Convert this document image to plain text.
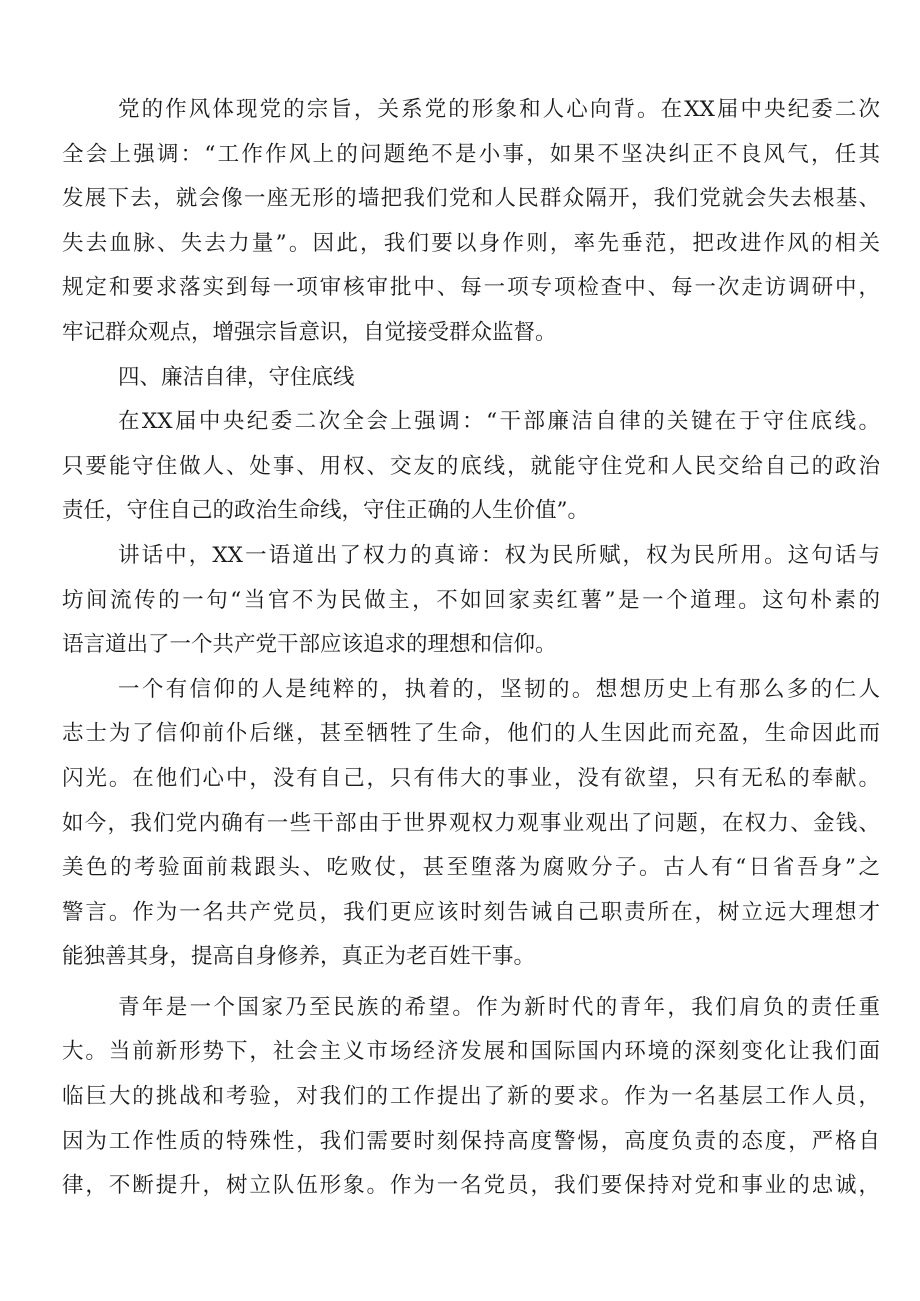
党的作风体现党的宗旨，关系党的形象和人心向背。在XX届中央纪委二次
全会上强调：“工作作风上的问题绝不是小事，如果不坚决纠正不良风气，任其
发展下去，就会像一座无形的墙把我们党和人民群众隔开，我们党就会失去根基、
失去血脉、失去力量”。因此，我们要以身作则，率先垂范，把改进作风的相关
规定和要求落实到每一项审核审批中、每一项专项检查中、每一次走访调研中，
牢记群众观点，增强宗旨意识，自觉接受群众监督。
四、廉洁自律，守住底线
在XX届中央纪委二次全会上强调：“干部廉洁自律的关键在于守住底线。
只要能守住做人、处事、用权、交友的底线，就能守住党和人民交给自己的政治
责任，守住自己的政治生命线，守住正确的人生价值”。
讲话中，XX一语道出了权力的真谛：权为民所赋，权为民所用。这句话与
坊间流传的一句“当官不为民做主，不如回家卖红薯”是一个道理。这句朴素的
语言道出了一个共产党干部应该追求的理想和信仰。
一个有信仰的人是纯粹的，执着的，坚韧的。想想历史上有那么多的仁人
志士为了信仰前仆后继，甚至牺牲了生命，他们的人生因此而充盈，生命因此而
闪光。在他们心中，没有自己，只有伟大的事业，没有欲望，只有无私的奉献。
如今，我们党内确有一些干部由于世界观权力观事业观出了问题，在权力、金钱、
美色的考验面前栽跟头、吃败仗，甚至堕落为腐败分子。古人有“日省吾身”之
警言。作为一名共产党员，我们更应该时刻告诫自己职责所在，树立远大理想才
能独善其身，提高自身修养，真正为老百姓干事。
青年是一个国家乃至民族的希望。作为新时代的青年，我们肩负的责任重
大。当前新形势下，社会主义市场经济发展和国际国内环境的深刻变化让我们面
临巨大的挑战和考验，对我们的工作提出了新的要求。作为一名基层工作人员，
因为工作性质的特殊性，我们需要时刻保持高度警惕，高度负责的态度，严格自
律，不断提升，树立队伍形象。作为一名党员，我们要保持对党和事业的忠诚，
